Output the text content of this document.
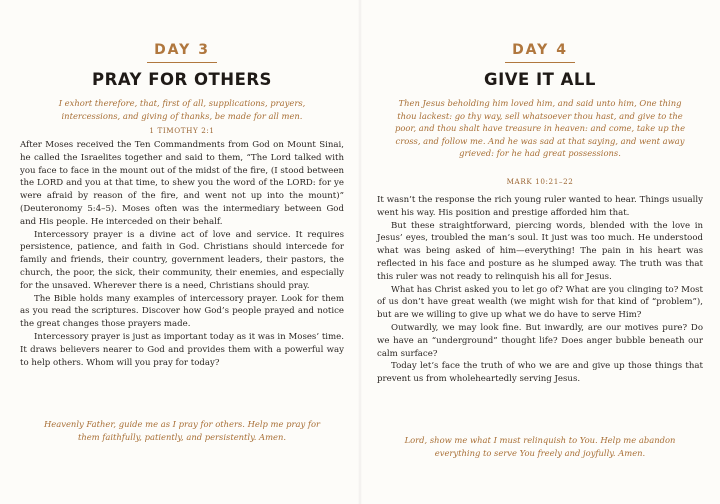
DAY 3
PRAY FOR OTHERS
I exhort therefore, that, first of all, supplications, prayers, intercessions, and giving of thanks, be made for all men.
1 TIMOTHY 2:1

After Moses received the Ten Commandments from God on Mount Sinai, he called the Israelites together and said to them, “The Lord talked with you face to face in the mount out of the midst of the fire, (I stood between the LORD and you at that time, to shew you the word of the LORD: for ye were afraid by reason of the fire, and went not up into the mount)” (Deuteronomy 5:4–5). Moses often was the intermediary between God and His people. He interceded on their behalf.

Intercessory prayer is a divine act of love and service. It requires persistence, patience, and faith in God. Christians should intercede for family and friends, their country, government leaders, their pastors, the church, the poor, the sick, their community, their enemies, and especially for the unsaved. Wherever there is a need, Christians should pray.

The Bible holds many examples of intercessory prayer. Look for them as you read the scriptures. Discover how God’s people prayed and notice the great changes those prayers made.

Intercessory prayer is just as important today as it was in Moses’ time. It draws believers nearer to God and provides them with a powerful way to help others. Whom will you pray for today?

Heavenly Father, guide me as I pray for others. Help me pray for them faithfully, patiently, and persistently. Amen.
DAY 4
GIVE IT ALL
Then Jesus beholding him loved him, and said unto him, One thing thou lackest: go thy way, sell whatsoever thou hast, and give to the poor, and thou shalt have treasure in heaven: and come, take up the cross, and follow me. And he was sad at that saying, and went away grieved: for he had great possessions.
MARK 10:21–22

It wasn’t the response the rich young ruler wanted to hear. Things usually went his way. His position and prestige afforded him that.

But these straightforward, piercing words, blended with the love in Jesus’ eyes, troubled the man’s soul. It just was too much. He understood what was being asked of him—everything! The pain in his heart was reflected in his face and posture as he slumped away. The truth was that this ruler was not ready to relinquish his all for Jesus.

What has Christ asked you to let go of? What are you clinging to? Most of us don’t have great wealth (we might wish for that kind of “problem”), but are we willing to give up what we do have to serve Him?

Outwardly, we may look fine. But inwardly, are our motives pure? Do we have an “underground” thought life? Does anger bubble beneath our calm surface?

Today let’s face the truth of who we are and give up those things that prevent us from wholeheartedly serving Jesus.

Lord, show me what I must relinquish to You. Help me abandon everything to serve You freely and joyfully. Amen.
